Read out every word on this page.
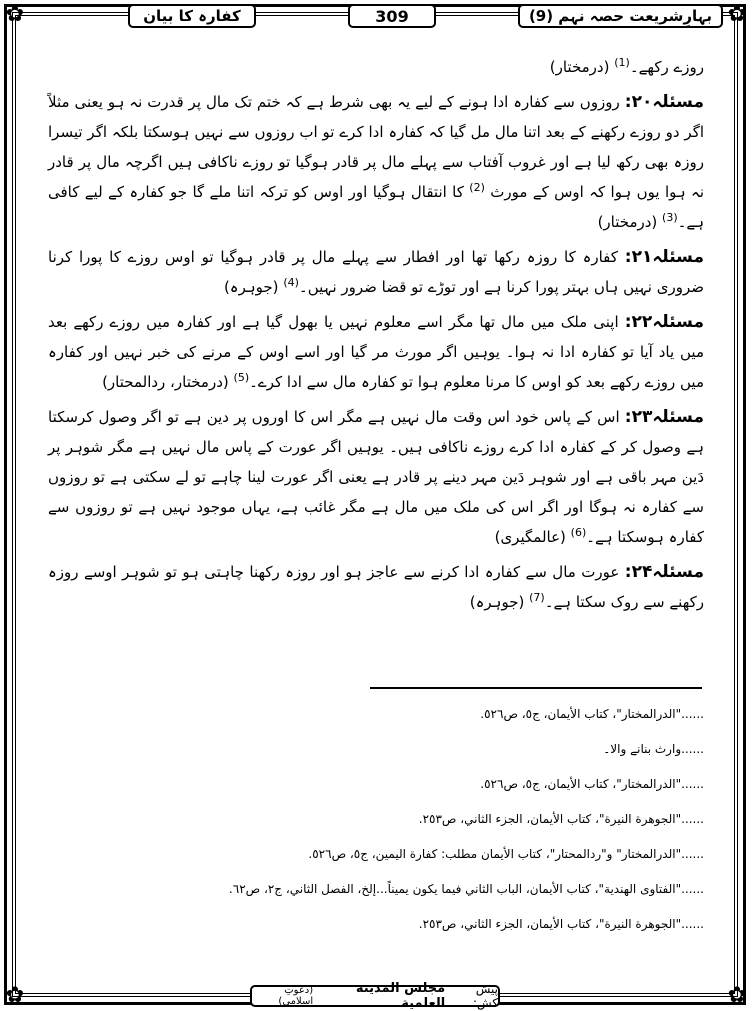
✿	✿
✿	✿
کفارہ کا بیان	309	بہارِشریعت حصہ نہم (9)

روزے رکھے۔$^{(1)}$ (درمختار)

مسئلہ۲۰: روزوں سے کفارہ ادا ہونے کے لیے یہ بھی شرط ہے کہ ختم تک مال پر قدرت نہ ہو یعنی مثلاً اگر دو روزے رکھنے کے بعد اتنا مال مل گیا کہ کفارہ ادا کرے تو اب روزوں سے نہیں ہوسکتا بلکہ اگر تیسرا روزہ بھی رکھ لیا ہے اور غروب آفتاب سے پہلے مال پر قادر ہوگیا تو روزے ناکافی ہیں اگرچہ مال پر قادر نہ ہوا یوں ہوا کہ اوس کے مورث $^{(2)}$ کا انتقال ہوگیا اور اوس کو ترکہ اتنا ملے گا جو کفارہ کے لیے کافی ہے۔$^{(3)}$ (درمختار)

مسئلہ۲۱: کفارہ کا روزہ رکھا تھا اور افطار سے پہلے مال پر قادر ہوگیا تو اوس روزے کا پورا کرنا ضروری نہیں ہاں بہتر پورا کرنا ہے اور توڑے تو قضا ضرور نہیں۔$^{(4)}$ (جوہرہ)

مسئلہ۲۲: اپنی ملک میں مال تھا مگر اسے معلوم نہیں یا بھول گیا ہے اور کفارہ میں روزے رکھے بعد میں یاد آیا تو کفارہ ادا نہ ہوا۔ یوہیں اگر مورث مر گیا اور اسے اوس کے مرنے کی خبر نہیں اور کفارہ میں روزے رکھے بعد کو اوس کا مرنا معلوم ہوا تو کفارہ مال سے ادا کرے۔$^{(5)}$ (درمختار، ردالمحتار)

مسئلہ۲۳: اس کے پاس خود اس وقت مال نہیں ہے مگر اس کا اوروں پر دین ہے تو اگر وصول کرسکتا ہے وصول کر کے کفارہ ادا کرے روزے ناکافی ہیں۔ یوہیں اگر عورت کے پاس مال نہیں ہے مگر شوہر پر دَین مہر باقی ہے اور شوہر دَین مہر دینے پر قادر ہے یعنی اگر عورت لینا چاہے تو لے سکتی ہے تو روزوں سے کفارہ نہ ہوگا اور اگر اس کی ملک میں مال ہے مگر غائب ہے، یہاں موجود نہیں ہے تو روزوں سے کفارہ ہوسکتا ہے۔$^{(6)}$ (عالمگیری)

مسئلہ۲۴: عورت مال سے کفارہ ادا کرنے سے عاجز ہو اور روزہ رکھنا چاہتی ہو تو شوہر اوسے روزہ رکھنے سے روک سکتا ہے۔$^{(7)}$ (جوہرہ)

......"الدرالمختار"، كتاب الأيمان، ج٥، ص٥٢٦.
......وارث بنانے والا۔
......"الدرالمختار"، كتاب الأيمان، ج٥، ص٥٢٦.
......"الجوهرة النيرة"، كتاب الأيمان، الجزء الثاني، ص٢٥٣.
......"الدرالمختار" و"ردالمحتار"، كتاب الأيمان مطلب: كفارة اليمين، ج٥، ص٥٢٦.
......"الفتاوى الهندية"، كتاب الأيمان، الباب الثاني فيما يكون يميناً...إلخ، الفصل الثاني، ج٢، ص٦٢.
......"الجوهرة النيرة"، كتاب الأيمان، الجزء الثاني، ص٢٥٣.
پیش کش:
مجلس المدينة العلمية
(دعوتِ اسلامی)
